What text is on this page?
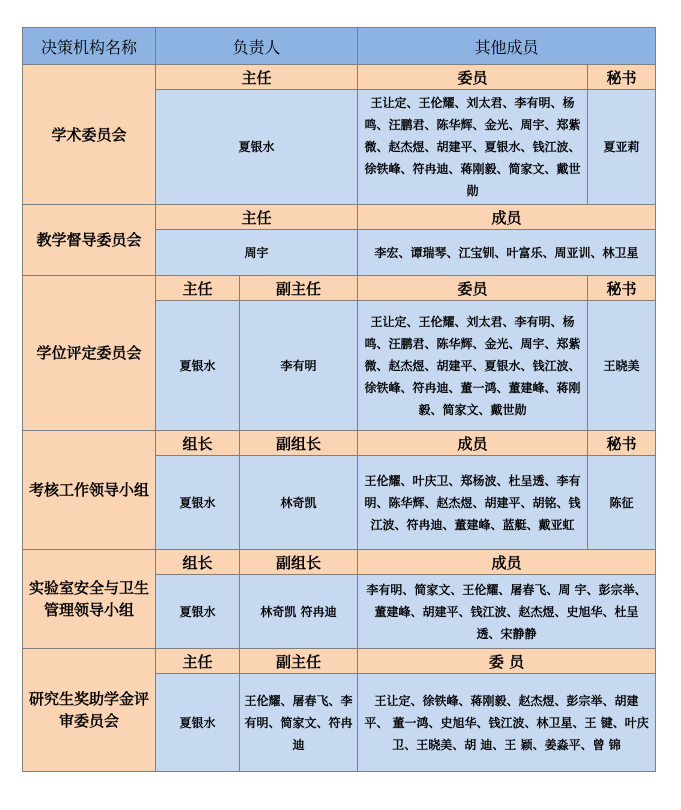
决策机构名称	负责人		其他成员	
学术委员会	主任		委员	秘书
	夏银水		王让定、王伦耀、刘太君、李有明、杨鸣、汪鹏君、陈华辉、金光、周宇、郑紫微、赵杰煜、胡建平、夏银水、钱江波、徐铁峰、符冉迪、蒋刚毅、简家文、戴世勋	夏亚莉
教学督导委员会	主任		成员	
	周宇		李宏、谭瑞琴、江宝钏、叶富乐、周亚训、林卫星	
学位评定委员会	主任	副主任	委员	秘书
	夏银水	李有明	王让定、王伦耀、刘太君、李有明、杨鸣、汪鹏君、陈华辉、金光、周宇、郑紫微、赵杰煜、胡建平、夏银水、钱江波、徐铁峰、符冉迪、董一鸿、董建峰、蒋刚毅、简家文、戴世勋	王晓美
考核工作领导小组	组长	副组长	成员	秘书
	夏银水	林奇凯	王伦耀、叶庆卫、郑杨波、杜呈透、李有明、陈华辉、赵杰煜、胡建平、胡铭、钱江波、符冉迪、董建峰、蓝艇、戴亚虹	陈征
实验室安全与卫生管理领导小组	组长	副组长	成员	
	夏银水	林奇凯 符冉迪	李有明、简家文、王伦耀、屠春飞、周 宇、彭宗举、董建峰、胡建平、钱江波、赵杰煜、史旭华、杜呈透、宋静静	
研究生奖助学金评审委员会	主任	副主任	委 员	
	夏银水	王伦耀、屠春飞、李有明、简家文、符冉迪	王让定、徐铁峰、蒋刚毅、赵杰煜、彭宗举、胡建平、 董一鸿、史旭华、钱江波、林卫星、王 键、叶庆卫、王晓美、胡 迪、王 颖、姜淼平、曾 锦	
